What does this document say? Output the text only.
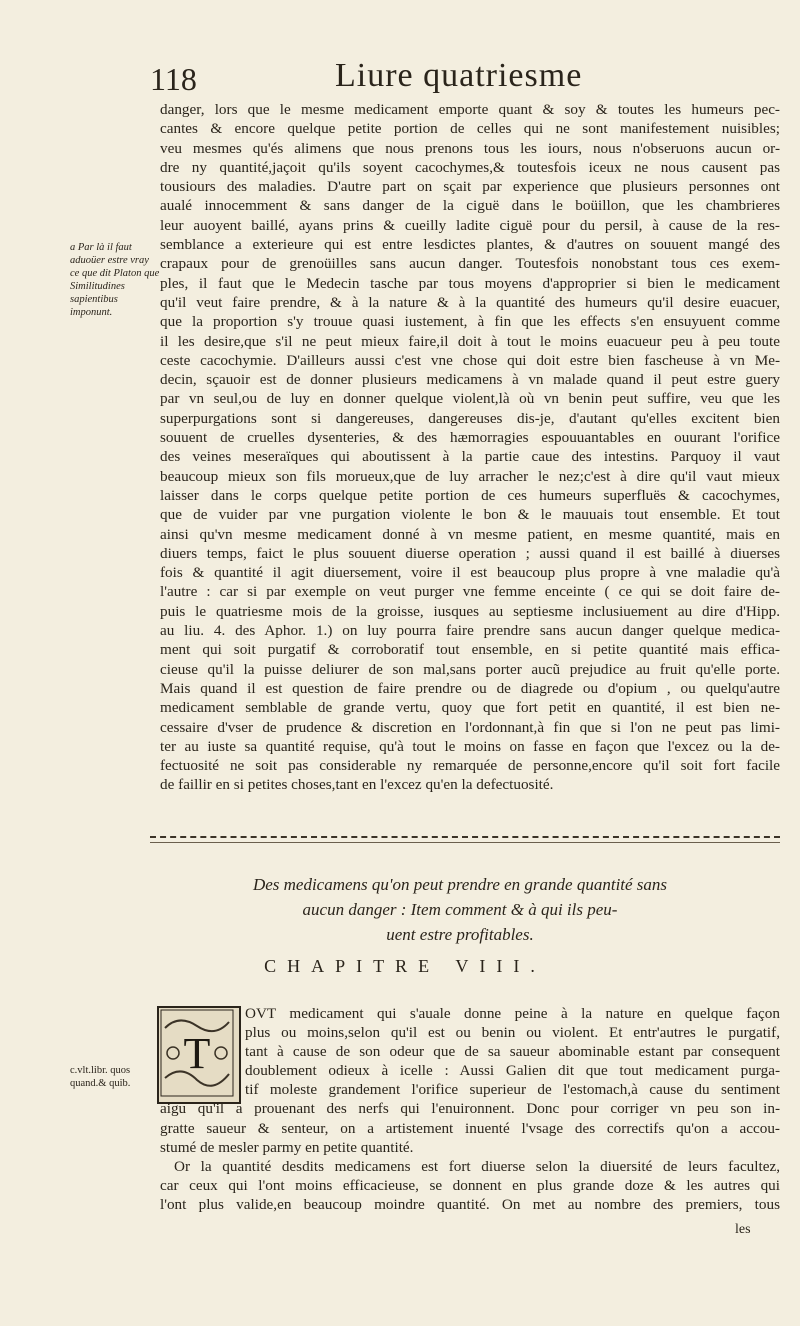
118	Liure quatriesme
danger, lors que le mesme medicament emporte quant & soy & toutes les humeurs pec-
cantes & encore quelque petite portion de celles qui ne sont manifestement nuisibles;
veu mesmes qu'és alimens que nous prenons tous les iours, nous n'obseruons aucun or-
dre ny quantité,jaçoit qu'ils soyent cacochymes,& toutesfois iceux ne nous causent pas
tousiours des maladies. D'autre part on sçait par experience que plusieurs personnes ont
aualé innocemment & sans danger de la ciguë dans le boüillon, que les chambrieres
leur auoyent baillé, ayans prins & cueilly ladite ciguë pour du persil, à cause de la res-
semblance a exterieure qui est entre lesdictes plantes, & d'autres on souuent mangé des
crapaux pour de grenoüilles sans aucun danger. Toutesfois nonobstant tous ces exem-
ples, il faut que le Medecin tasche par tous moyens d'approprier si bien le medicament
qu'il veut faire prendre, & à la nature & à la quantité des humeurs qu'il desire euacuer,
que la proportion s'y trouue quasi iustement, à fin que les effects s'en ensuyuent comme
il les desire,que s'il ne peut mieux faire,il doit à tout le moins euacueur peu à peu toute
ceste cacochymie. D'ailleurs aussi c'est vne chose qui doit estre bien fascheuse à vn Me-
decin, sçauoir est de donner plusieurs medicamens à vn malade quand il peut estre guery
par vn seul,ou de luy en donner quelque violent,là où vn benin peut suffire, veu que les
superpurgations sont si dangereuses, dangereuses dis-je, d'autant qu'elles excitent bien
souuent de cruelles dysenteries, & des hæmorragies espouuantables en ouurant l'orifice
des veines meseraïques qui aboutissent à la partie caue des intestins. Parquoy il vaut
beaucoup mieux son fils morueux,que de luy arracher le nez;c'est à dire qu'il vaut mieux
laisser dans le corps quelque petite portion de ces humeurs superfluës & cacochymes,
que de vuider par vne purgation violente le bon & le mauuais tout ensemble. Et tout
ainsi qu'vn mesme medicament donné à vn mesme patient, en mesme quantité, mais en
diuers temps, faict le plus souuent diuerse operation ; aussi quand il est baillé à diuerses
fois & quantité il agit diuersement, voire il est beaucoup plus propre à vne maladie qu'à
l'autre : car si par exemple on veut purger vne femme enceinte ( ce qui se doit faire de-
puis le quatriesme mois de la groisse, iusques au septiesme inclusiuement au dire d'Hipp.
au liu. 4. des Aphor. 1.) on luy pourra faire prendre sans aucun danger quelque medica-
ment qui soit purgatif & corroboratif tout ensemble, en si petite quantité mais effica-
cieuse qu'il la puisse deliurer de son mal,sans porter aucũ prejudice au fruit qu'elle porte.
Mais quand il est question de faire prendre ou de diagrede ou d'opium , ou quelqu'autre
medicament semblable de grande vertu, quoy que fort petit en quantité, il est bien ne-
cessaire d'vser de prudence & discretion en l'ordonnant,à fin que si l'on ne peut pas limi-
ter au iuste sa quantité requise, qu'à tout le moins on fasse en façon que l'excez ou la de-
fectuosité ne soit pas considerable ny remarquée de personne,encore qu'il soit fort facile
de faillir en si petites choses,tant en l'excez qu'en la defectuosité.
a Par là il faut aduoüer estre vray ce que dit Platon que Similitudines sapientibus imponunt.
c.vlt.libr. quos quand.& quib.
Des medicamens qu'on peut prendre en grande quantité sans
aucun danger : Item comment & à qui ils peu-
uent estre profitables.
CHAPITRE VIII.
T
OVT medicament qui s'auale donne peine à la nature en quelque façon
plus ou moins,selon qu'il est ou benin ou violent. Et entr'autres le purgatif,
tant à cause de son odeur que de sa saueur abominable estant par consequent
doublement odieux à icelle : Aussi Galien dit que tout medicament purga-
tif moleste grandement l'orifice superieur de l'estomach,à cause du sentiment
aigu qu'il a prouenant des nerfs qui l'enuironnent. Donc pour corriger vn peu son in-
gratte saueur & senteur, on a artistement inuenté l'vsage des correctifs qu'on a accou-
stumé de mesler parmy en petite quantité.
Or la quantité desdits medicamens est fort diuerse selon la diuersité de leurs facultez,
car ceux qui l'ont moins efficacieuse, se donnent en plus grande doze & les autres qui
l'ont plus valide,en beaucoup moindre quantité. On met au nombre des premiers, tous
les
